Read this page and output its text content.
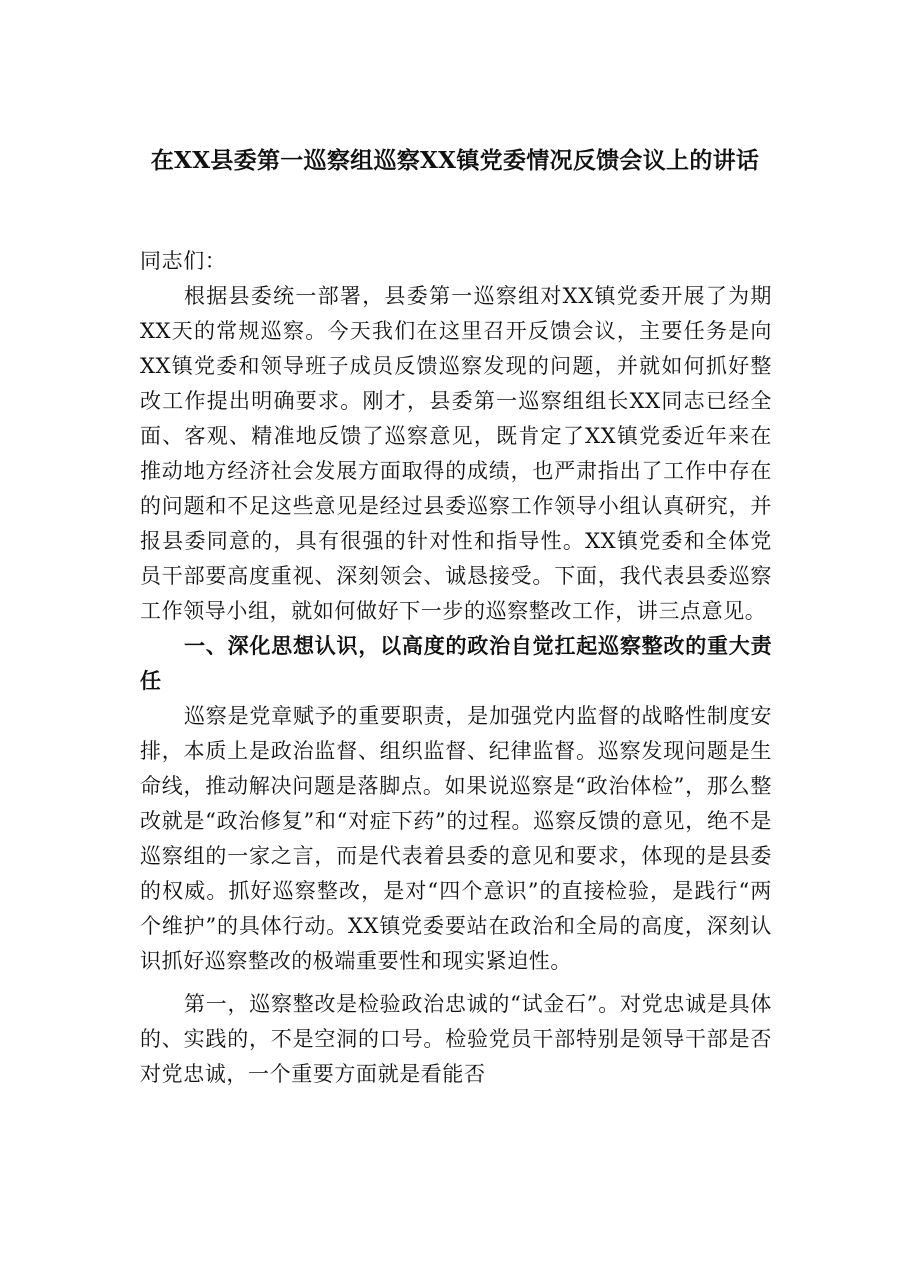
在XX县委第一巡察组巡察XX镇党委情况反馈会议上的讲话

同志们：

根据县委统一部署，县委第一巡察组对XX镇党委开展了为期XX天的常规巡察。今天我们在这里召开反馈会议，主要任务是向XX镇党委和领导班子成员反馈巡察发现的问题，并就如何抓好整改工作提出明确要求。刚才，县委第一巡察组组长XX同志已经全面、客观、精准地反馈了巡察意见，既肯定了XX镇党委近年来在推动地方经济社会发展方面取得的成绩，也严肃指出了工作中存在的问题和不足这些意见是经过县委巡察工作领导小组认真研究，并报县委同意的，具有很强的针对性和指导性。XX镇党委和全体党员干部要高度重视、深刻领会、诚恳接受。下面，我代表县委巡察工作领导小组，就如何做好下一步的巡察整改工作，讲三点意见。

一、深化思想认识，以高度的政治自觉扛起巡察整改的重大责任

巡察是党章赋予的重要职责，是加强党内监督的战略性制度安排，本质上是政治监督、组织监督、纪律监督。巡察发现问题是生命线，推动解决问题是落脚点。如果说巡察是“政治体检”，那么整改就是“政治修复”和“对症下药”的过程。巡察反馈的意见，绝不是巡察组的一家之言，而是代表着县委的意见和要求，体现的是县委的权威。抓好巡察整改，是对“四个意识”的直接检验，是践行“两个维护”的具体行动。XX镇党委要站在政治和全局的高度，深刻认识抓好巡察整改的极端重要性和现实紧迫性。

第一，巡察整改是检验政治忠诚的“试金石”。对党忠诚是具体的、实践的，不是空洞的口号。检验党员干部特别是领导干部是否对党忠诚，一个重要方面就是看能否
